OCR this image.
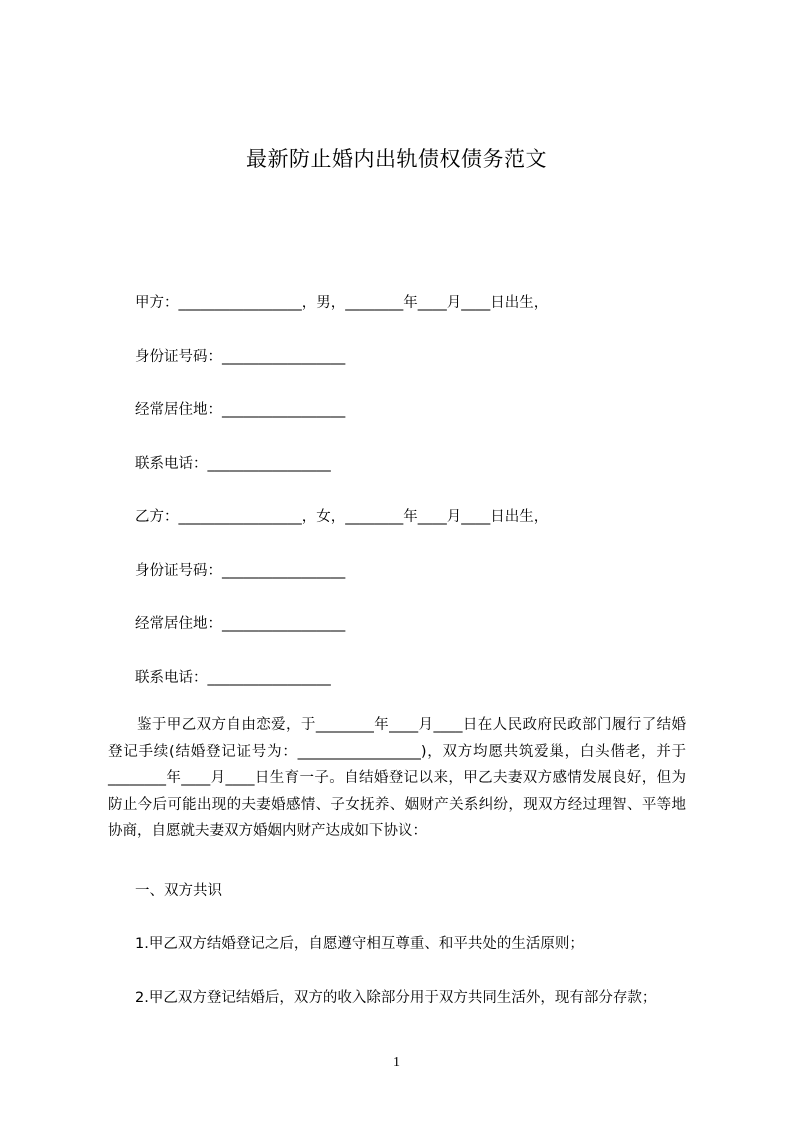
最新防止婚内出轨债权债务范文
甲方：_________________，男，________年____月____日出生，
身份证号码：_________________
经常居住地：_________________
联系电话：_________________
乙方：_________________，女，________年____月____日出生，
身份证号码：_________________
经常居住地：_________________
联系电话：_________________
鉴于甲乙双方自由恋爱，于________年____月____日在人民政府民政部门履行了结婚登记手续(结婚登记证号为：_________________)，双方均愿共筑爱巢，白头偕老，并于________年____月____日生育一子。自结婚登记以来，甲乙夫妻双方感情发展良好，但为防止今后可能出现的夫妻婚感情、子女抚养、姻财产关系纠纷，现双方经过理智、平等地协商，自愿就夫妻双方婚姻内财产达成如下协议：
一、双方共识
1.甲乙双方结婚登记之后，自愿遵守相互尊重、和平共处的生活原则；
2.甲乙双方登记结婚后，双方的收入除部分用于双方共同生活外，现有部分存款；
1
